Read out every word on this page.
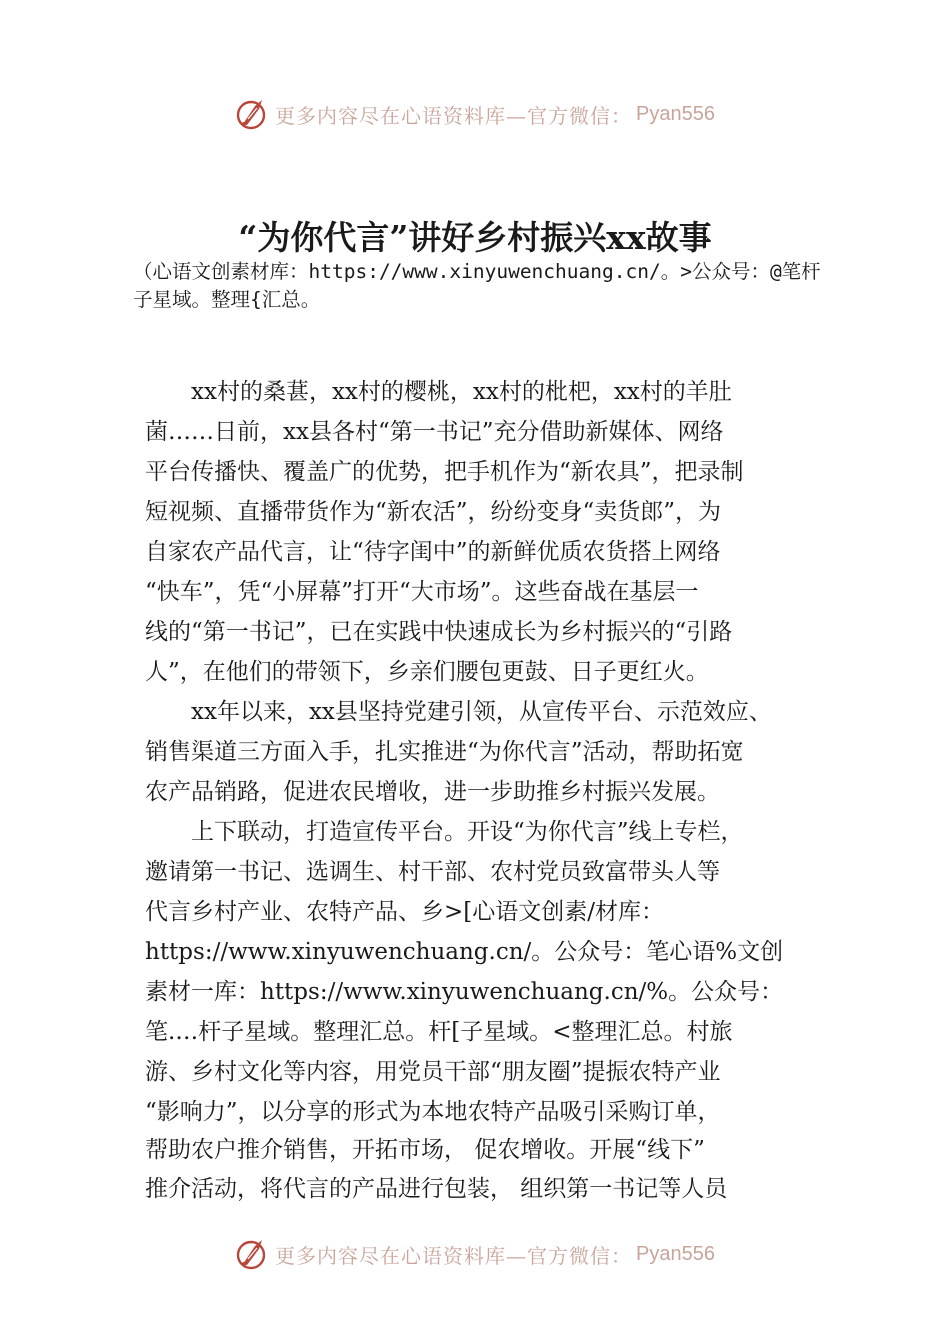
更多内容尽在心语资料库—官方微信： Pyan556
“为你代言”讲好乡村振兴xx故事
（心语文创素材库：https://www.xinyuwenchuang.cn/。>公众号：@笔杆子星域。整理{汇总。
　　xx村的桑葚，xx村的樱桃，xx村的枇杷，xx村的羊肚
菌……日前，xx县各村“第一书记”充分借助新媒体、网络
平台传播快、覆盖广的优势，把手机作为“新农具”，把录制
短视频、直播带货作为“新农活”，纷纷变身“卖货郎”，为
自家农产品代言，让“待字闺中”的新鲜优质农货搭上网络
“快车”，凭“小屏幕”打开“大市场”。这些奋战在基层一
线的“第一书记”，已在实践中快速成长为乡村振兴的“引路
人”，在他们的带领下，乡亲们腰包更鼓、日子更红火。
　　xx年以来，xx县坚持党建引领，从宣传平台、示范效应、
销售渠道三方面入手，扎实推进“为你代言”活动，帮助拓宽
农产品销路，促进农民增收，进一步助推乡村振兴发展。
　　上下联动，打造宣传平台。开设“为你代言”线上专栏，
邀请第一书记、选调生、村干部、农村党员致富带头人等
代言乡村产业、农特产品、乡>[心语文创素/材库：
https://www.xinyuwenchuang.cn/。公众号：笔心语%文创
素材一库：https://www.xinyuwenchuang.cn/%。公众号：
笔.…杆子星域。整理汇总。杆[子星域。<整理汇总。村旅
游、乡村文化等内容，用党员干部“朋友圈”提振农特产业
“影响力”，以分享的形式为本地农特产品吸引采购订单，
帮助农户推介销售，开拓市场， 促农增收。开展“线下”
推介活动，将代言的产品进行包装， 组织第一书记等人员
更多内容尽在心语资料库—官方微信： Pyan556
